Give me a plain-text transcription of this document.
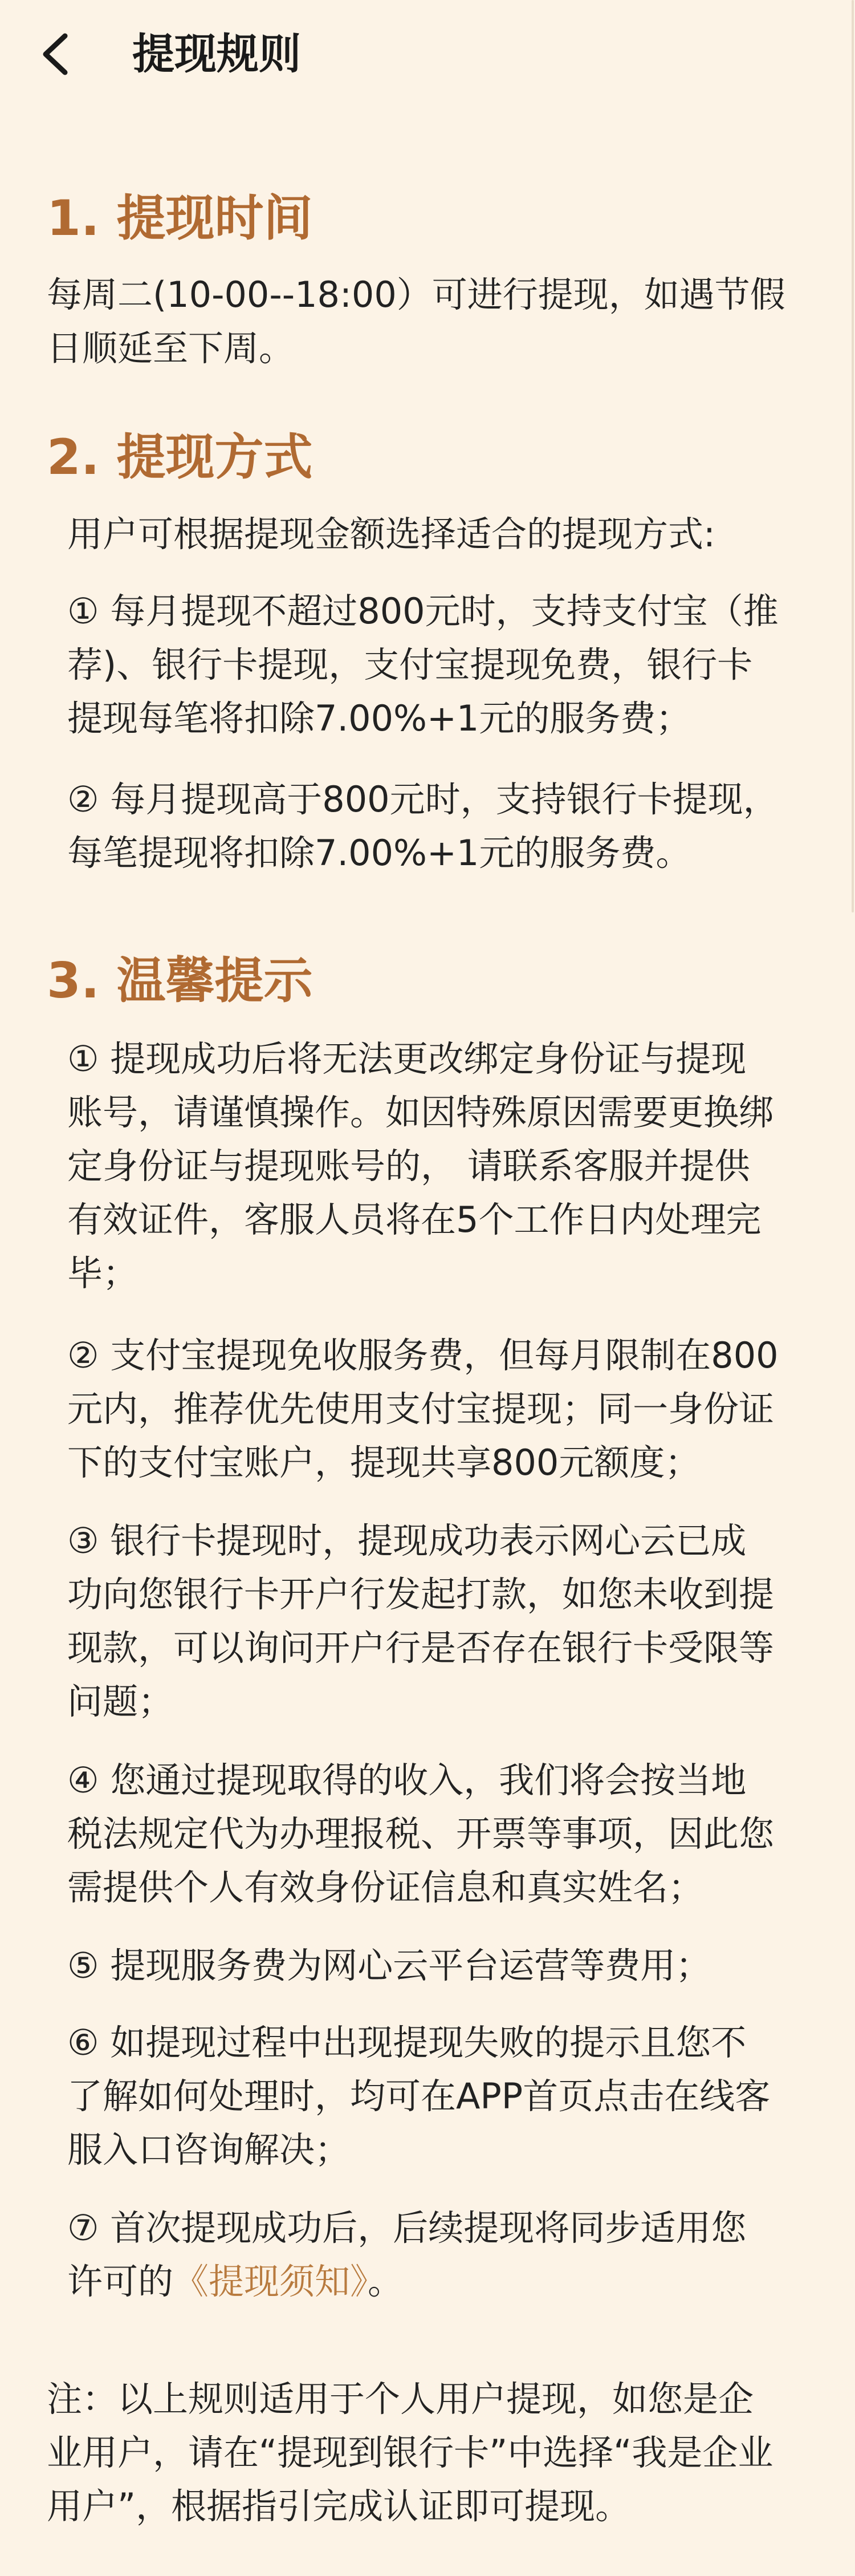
提现规则
1. 提现时间

每周二(10-00--18:00）可进行提现，如遇节假
日顺延至下周。

2. 提现方式

用户可根据提现金额选择适合的提现方式:

① 每月提现不超过800元时，支持支付宝（推
荐)、银行卡提现，支付宝提现免费，银行卡
提现每笔将扣除7.00%+1元的服务费；

② 每月提现高于800元时，支持银行卡提现，
每笔提现将扣除7.00%+1元的服务费。

3. 温馨提示

① 提现成功后将无法更改绑定身份证与提现
账号，请谨慎操作。如因特殊原因需要更换绑
定身份证与提现账号的， 请联系客服并提供
有效证件，客服人员将在5个工作日内处理完
毕；

② 支付宝提现免收服务费，但每月限制在800
元内，推荐优先使用支付宝提现；同一身份证
下的支付宝账户，提现共享800元额度；

③ 银行卡提现时，提现成功表示网心云已成
功向您银行卡开户行发起打款，如您未收到提
现款，可以询问开户行是否存在银行卡受限等
问题；

④ 您通过提现取得的收入，我们将会按当地
税法规定代为办理报税、开票等事项，因此您
需提供个人有效身份证信息和真实姓名；

⑤ 提现服务费为网心云平台运营等费用；

⑥ 如提现过程中出现提现失败的提示且您不
了解如何处理时，均可在APP首页点击在线客
服入口咨询解决；

⑦ 首次提现成功后，后续提现将同步适用您
许可的《提现须知》。

注：以上规则适用于个人用户提现，如您是企
业用户，请在“提现到银行卡”中选择“我是企业
用户”，根据指引完成认证即可提现。
